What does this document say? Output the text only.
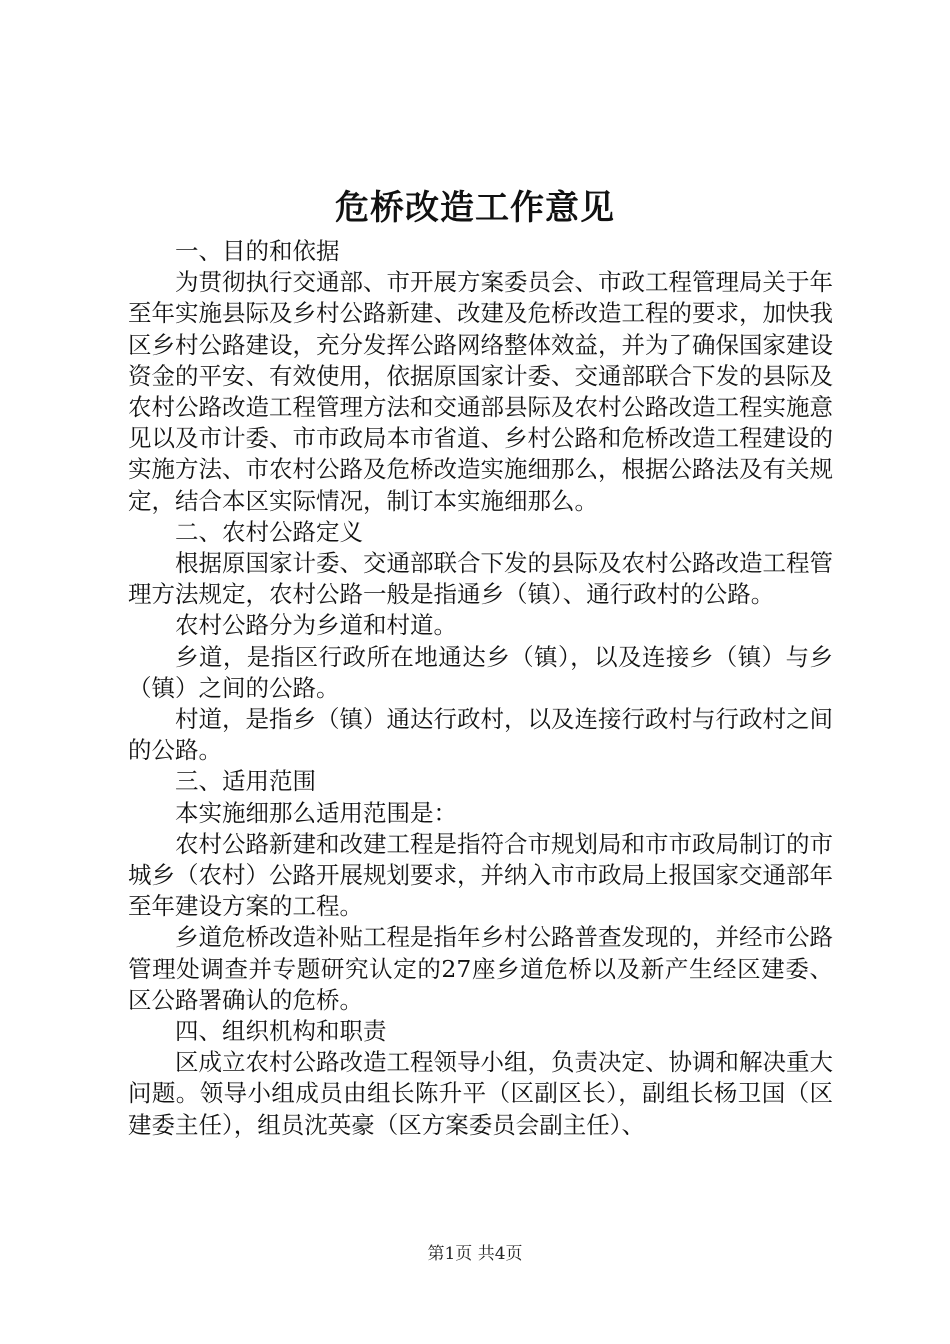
危桥改造工作意见

一、目的和依据

为贯彻执行交通部、市开展方案委员会、市政工程管理局关于年至年实施县际及乡村公路新建、改建及危桥改造工程的要求，加快我区乡村公路建设，充分发挥公路网络整体效益，并为了确保国家建设资金的平安、有效使用，依据原国家计委、交通部联合下发的县际及农村公路改造工程管理方法和交通部县际及农村公路改造工程实施意见以及市计委、市市政局本市省道、乡村公路和危桥改造工程建设的实施方法、市农村公路及危桥改造实施细那么，根据公路法及有关规定，结合本区实际情况，制订本实施细那么。

二、农村公路定义

根据原国家计委、交通部联合下发的县际及农村公路改造工程管理方法规定，农村公路一般是指通乡（镇）、通行政村的公路。

农村公路分为乡道和村道。

乡道，是指区行政所在地通达乡（镇），以及连接乡（镇）与乡（镇）之间的公路。

村道，是指乡（镇）通达行政村，以及连接行政村与行政村之间的公路。

三、适用范围

本实施细那么适用范围是：

农村公路新建和改建工程是指符合市规划局和市市政局制订的市城乡（农村）公路开展规划要求，并纳入市市政局上报国家交通部年至年建设方案的工程。

乡道危桥改造补贴工程是指年乡村公路普查发现的，并经市公路管理处调查并专题研究认定的27座乡道危桥以及新产生经区建委、区公路署确认的危桥。

四、组织机构和职责

区成立农村公路改造工程领导小组，负责决定、协调和解决重大问题。领导小组成员由组长陈升平（区副区长），副组长杨卫国（区建委主任），组员沈英豪（区方案委员会副主任）、

第1页 共4页
